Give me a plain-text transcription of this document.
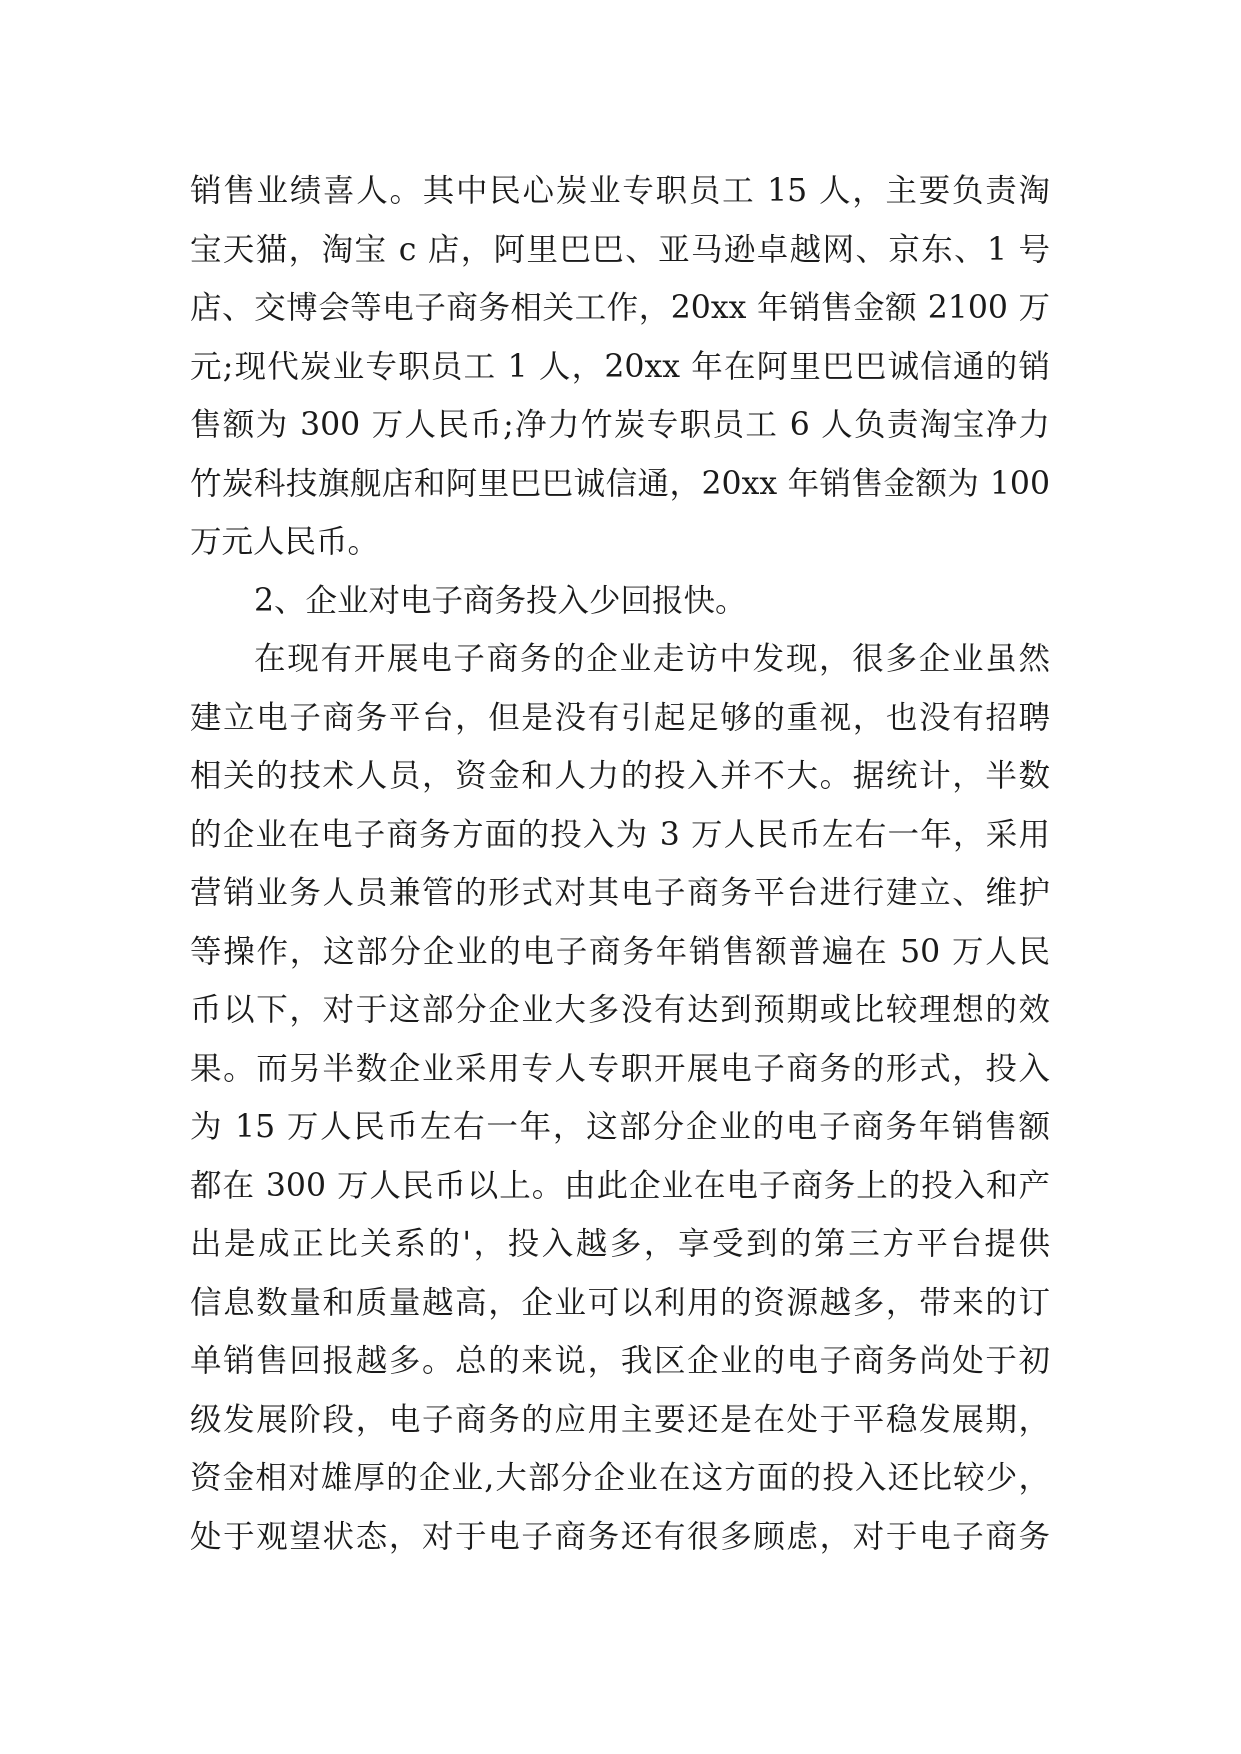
销售业绩喜人。其中民心炭业专职员工 15 人，主要负责淘
宝天猫，淘宝 c 店，阿里巴巴、亚马逊卓越网、京东、1 号
店、交博会等电子商务相关工作，20xx 年销售金额 2100 万
元;现代炭业专职员工 1 人，20xx 年在阿里巴巴诚信通的销
售额为 300 万人民币;净力竹炭专职员工 6 人负责淘宝净力
竹炭科技旗舰店和阿里巴巴诚信通，20xx 年销售金额为 100
万元人民币。
2、企业对电子商务投入少回报快。
在现有开展电子商务的企业走访中发现，很多企业虽然
建立电子商务平台，但是没有引起足够的重视，也没有招聘
相关的技术人员，资金和人力的投入并不大。据统计，半数
的企业在电子商务方面的投入为 3 万人民币左右一年，采用
营销业务人员兼管的形式对其电子商务平台进行建立、维护
等操作，这部分企业的电子商务年销售额普遍在 50 万人民
币以下，对于这部分企业大多没有达到预期或比较理想的效
果。而另半数企业采用专人专职开展电子商务的形式，投入
为 15 万人民币左右一年，这部分企业的电子商务年销售额
都在 300 万人民币以上。由此企业在电子商务上的投入和产
出是成正比关系的'，投入越多，享受到的第三方平台提供
信息数量和质量越高，企业可以利用的资源越多，带来的订
单销售回报越多。总的来说，我区企业的电子商务尚处于初
级发展阶段，电子商务的应用主要还是在处于平稳发展期，
资金相对雄厚的企业,大部分企业在这方面的投入还比较少，
处于观望状态，对于电子商务还有很多顾虑，对于电子商务
